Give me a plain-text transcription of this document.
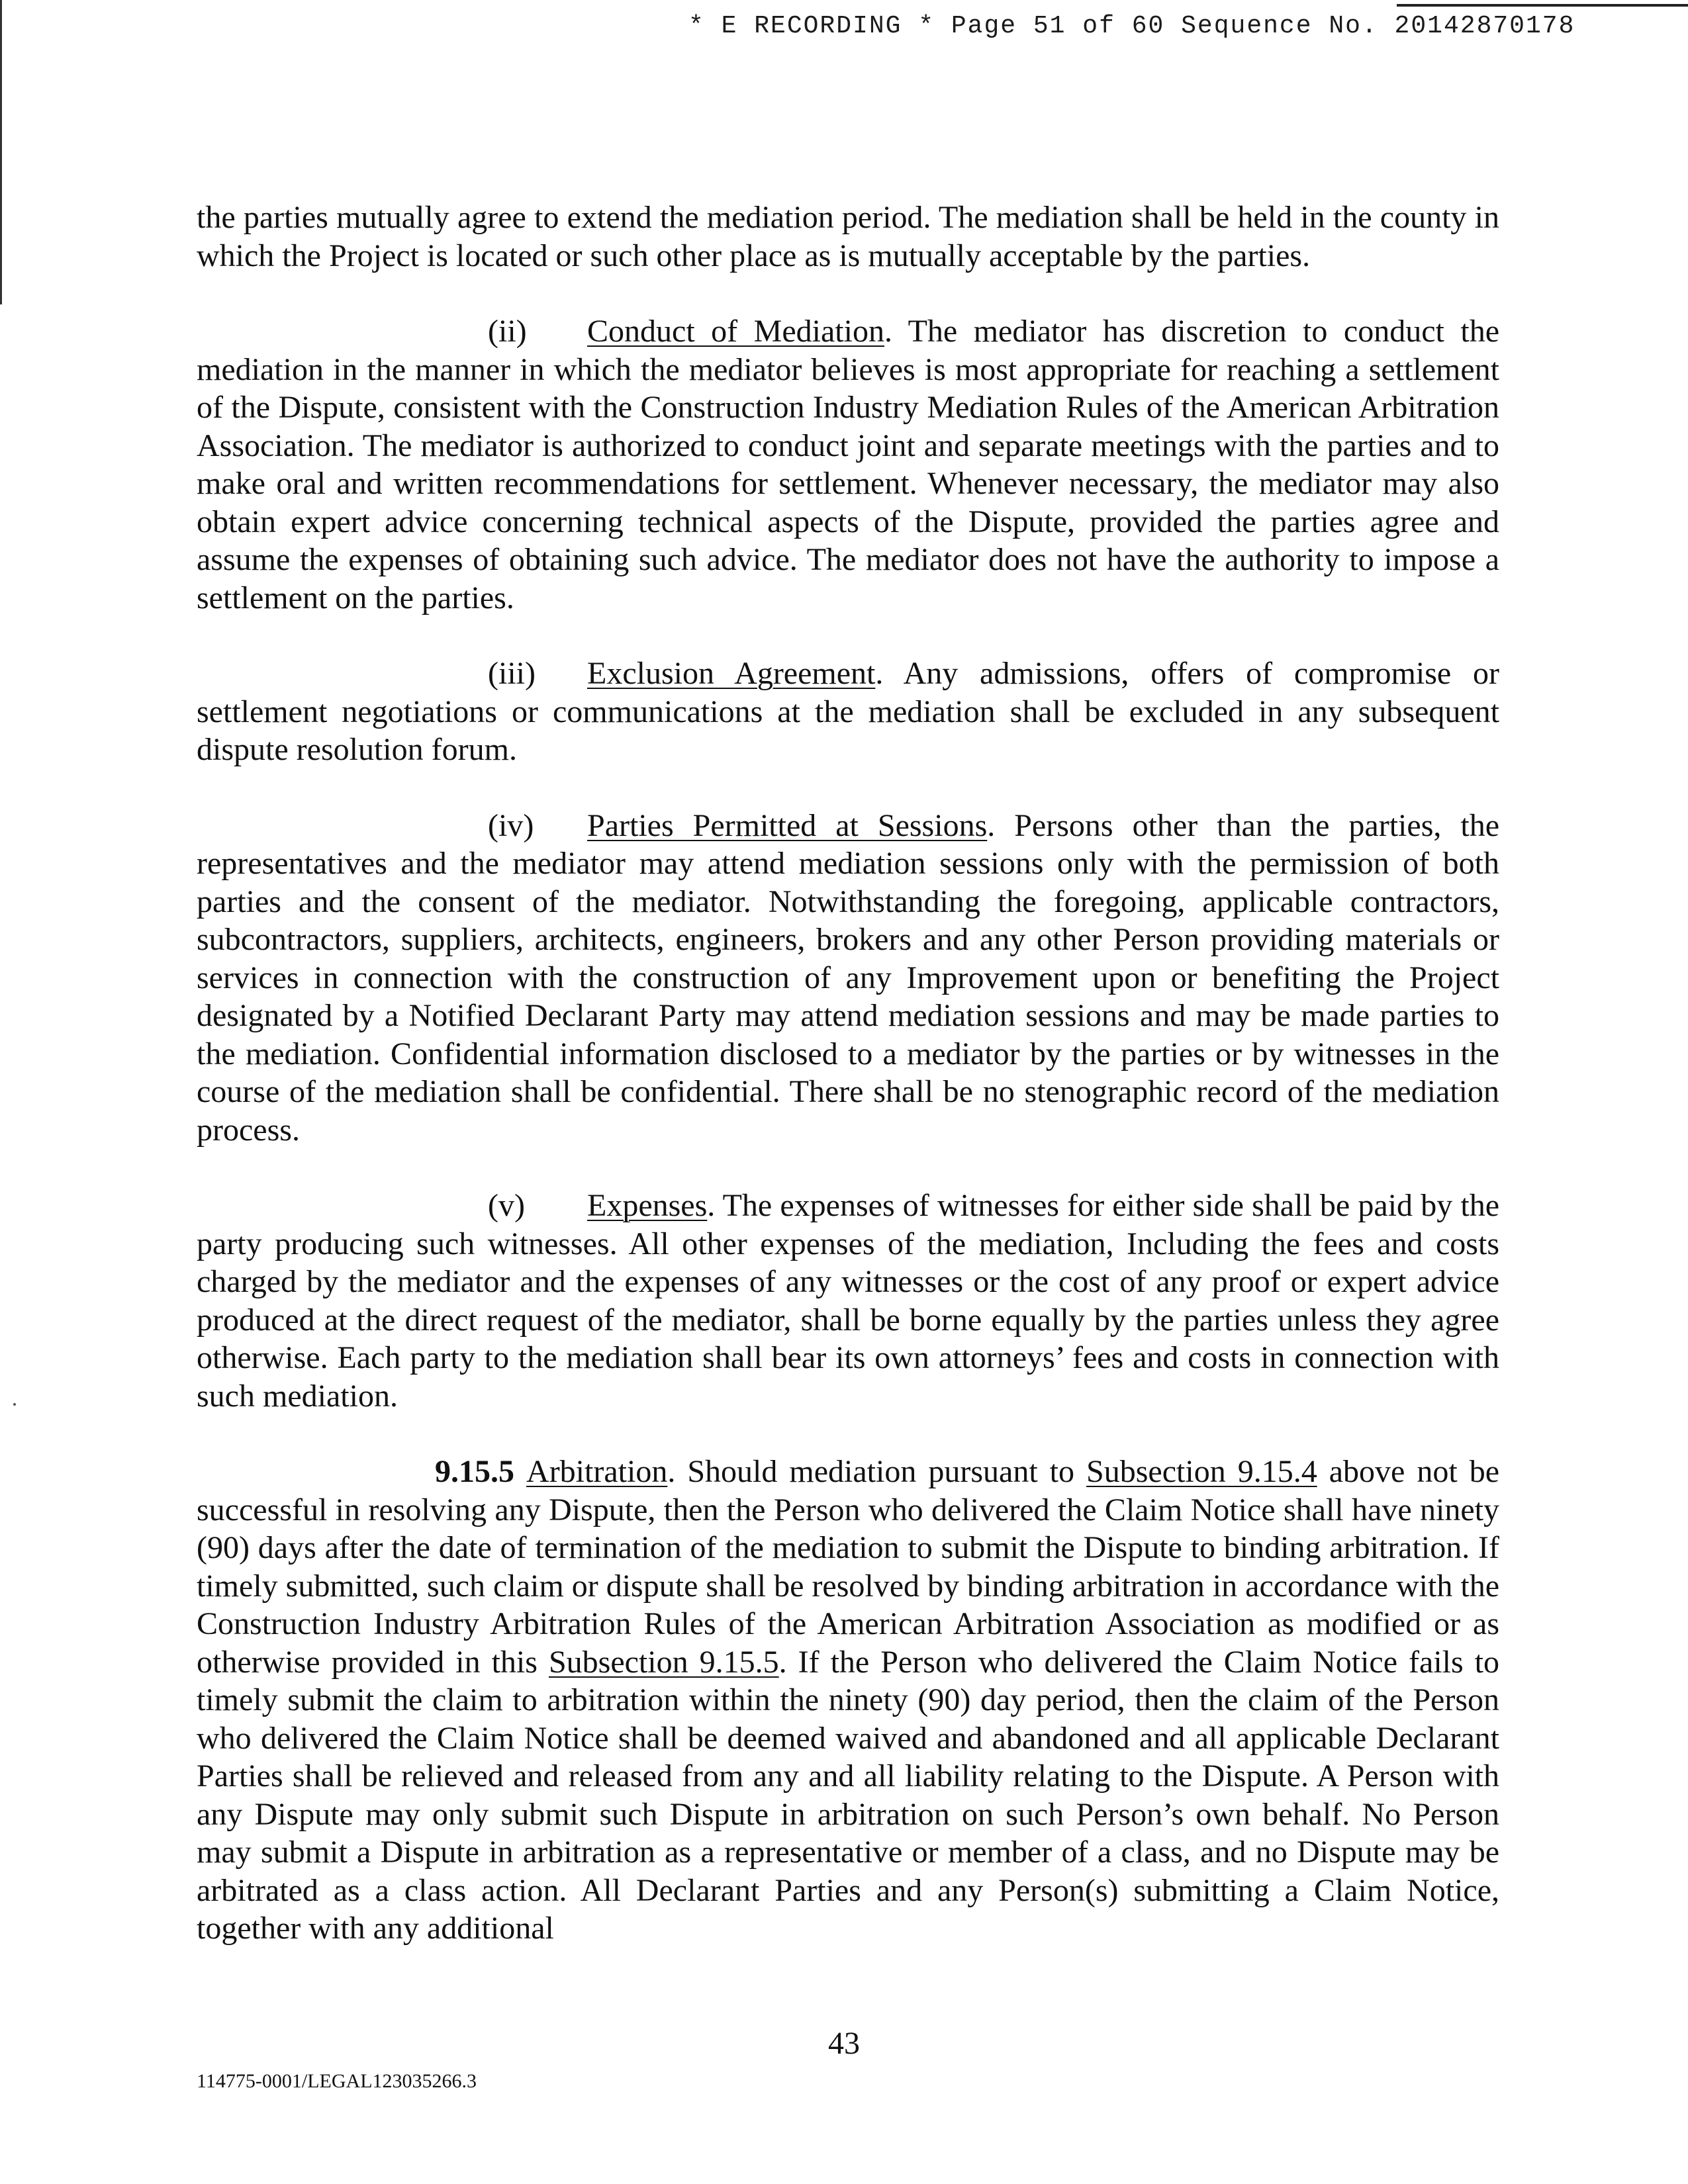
* E RECORDING * Page 51 of 60 Sequence No. 20142870178

the parties mutually agree to extend the mediation period. The mediation shall be held in the county in which the Project is located or such other place as is mutually acceptable by the parties.

(ii) Conduct of Mediation. The mediator has discretion to conduct the mediation in the manner in which the mediator believes is most appropriate for reaching a settlement of the Dispute, consistent with the Construction Industry Mediation Rules of the American Arbitration Association. The mediator is authorized to conduct joint and separate meetings with the parties and to make oral and written recommendations for settlement. Whenever necessary, the mediator may also obtain expert advice concerning technical aspects of the Dispute, provided the parties agree and assume the expenses of obtaining such advice. The mediator does not have the authority to impose a settlement on the parties.

(iii) Exclusion Agreement. Any admissions, offers of compromise or settlement negotiations or communications at the mediation shall be excluded in any subsequent dispute resolution forum.

(iv) Parties Permitted at Sessions. Persons other than the parties, the representatives and the mediator may attend mediation sessions only with the permission of both parties and the consent of the mediator. Notwithstanding the foregoing, applicable contractors, subcontractors, suppliers, architects, engineers, brokers and any other Person providing materials or services in connection with the construction of any Improvement upon or benefiting the Project designated by a Notified Declarant Party may attend mediation sessions and may be made parties to the mediation. Confidential information disclosed to a mediator by the parties or by witnesses in the course of the mediation shall be confidential. There shall be no stenographic record of the mediation process.

(v) Expenses. The expenses of witnesses for either side shall be paid by the party producing such witnesses. All other expenses of the mediation, Including the fees and costs charged by the mediator and the expenses of any witnesses or the cost of any proof or expert advice produced at the direct request of the mediator, shall be borne equally by the parties unless they agree otherwise. Each party to the mediation shall bear its own attorneys’ fees and costs in connection with such mediation.

9.15.5 Arbitration. Should mediation pursuant to Subsection 9.15.4 above not be successful in resolving any Dispute, then the Person who delivered the Claim Notice shall have ninety (90) days after the date of termination of the mediation to submit the Dispute to binding arbitration. If timely submitted, such claim or dispute shall be resolved by binding arbitration in accordance with the Construction Industry Arbitration Rules of the American Arbitration Association as modified or as otherwise provided in this Subsection 9.15.5. If the Person who delivered the Claim Notice fails to timely submit the claim to arbitration within the ninety (90) day period, then the claim of the Person who delivered the Claim Notice shall be deemed waived and abandoned and all applicable Declarant Parties shall be relieved and released from any and all liability relating to the Dispute. A Person with any Dispute may only submit such Dispute in arbitration on such Person’s own behalf. No Person may submit a Dispute in arbitration as a representative or member of a class, and no Dispute may be arbitrated as a class action. All Declarant Parties and any Person(s) submitting a Claim Notice, together with any additional

43
114775-0001/LEGAL123035266.3
